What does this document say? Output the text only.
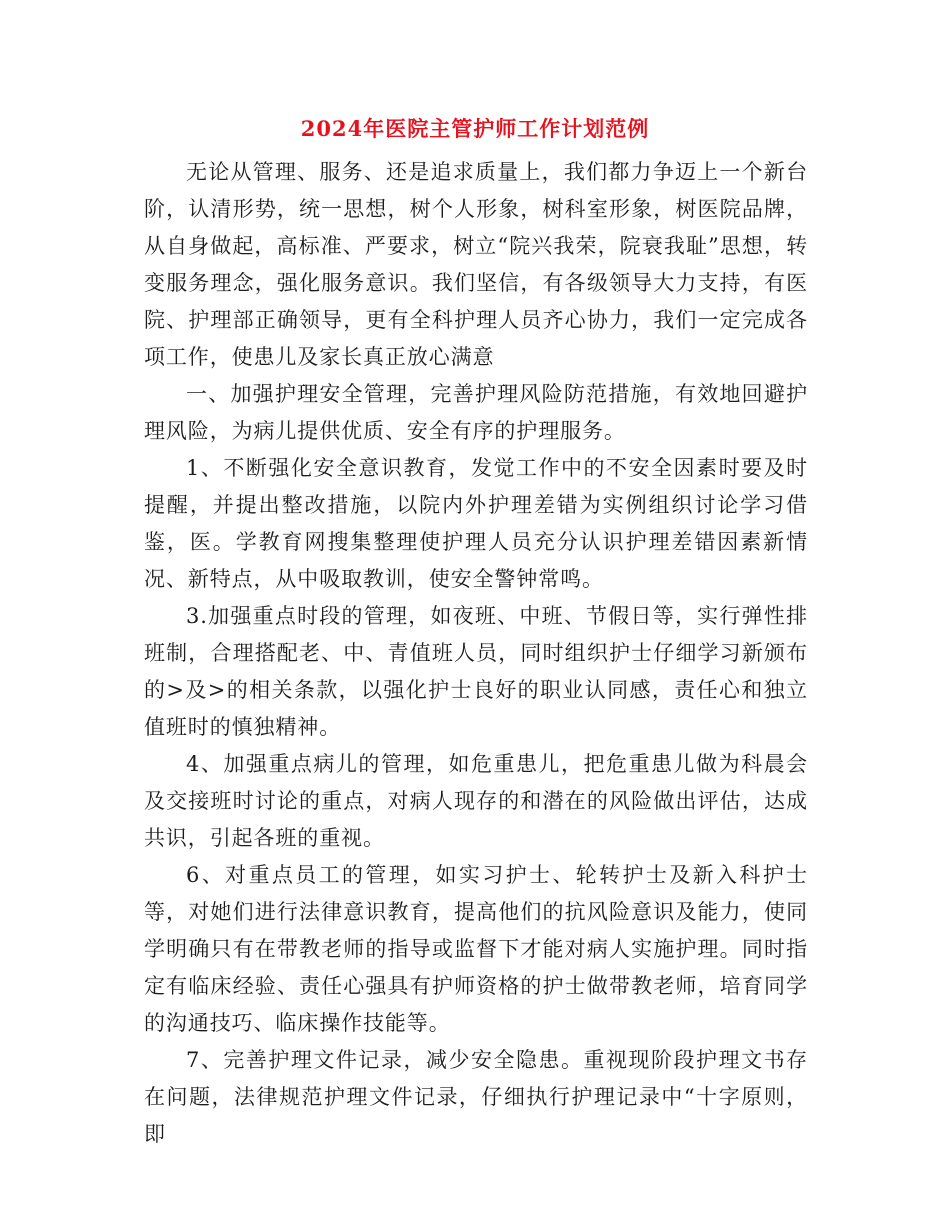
2024年医院主管护师工作计划范例

无论从管理、服务、还是追求质量上，我们都力争迈上一个新台阶，认清形势，统一思想，树个人形象，树科室形象，树医院品牌，从自身做起，高标准、严要求，树立“院兴我荣，院衰我耻”思想，转变服务理念，强化服务意识。我们坚信，有各级领导大力支持，有医院、护理部正确领导，更有全科护理人员齐心协力，我们一定完成各项工作，使患儿及家长真正放心满意

一、加强护理安全管理，完善护理风险防范措施，有效地回避护理风险，为病儿提供优质、安全有序的护理服务。

1、不断强化安全意识教育，发觉工作中的不安全因素时要及时提醒，并提出整改措施，以院内外护理差错为实例组织讨论学习借鉴，医。学教育网搜集整理使护理人员充分认识护理差错因素新情况、新特点，从中吸取教训，使安全警钟常鸣。

3.加强重点时段的管理，如夜班、中班、节假日等，实行弹性排班制，合理搭配老、中、青值班人员，同时组织护士仔细学习新颁布的>及>的相关条款，以强化护士良好的职业认同感，责任心和独立值班时的慎独精神。

4、加强重点病儿的管理，如危重患儿，把危重患儿做为科晨会及交接班时讨论的重点，对病人现存的和潜在的风险做出评估，达成共识，引起各班的重视。

6、对重点员工的管理，如实习护士、轮转护士及新入科护士等，对她们进行法律意识教育，提高他们的抗风险意识及能力，使同学明确只有在带教老师的指导或监督下才能对病人实施护理。同时指定有临床经验、责任心强具有护师资格的护士做带教老师，培育同学的沟通技巧、临床操作技能等。

7、完善护理文件记录，减少安全隐患。重视现阶段护理文书存在问题，法律规范护理文件记录，仔细执行护理记录中“十字原则，即
